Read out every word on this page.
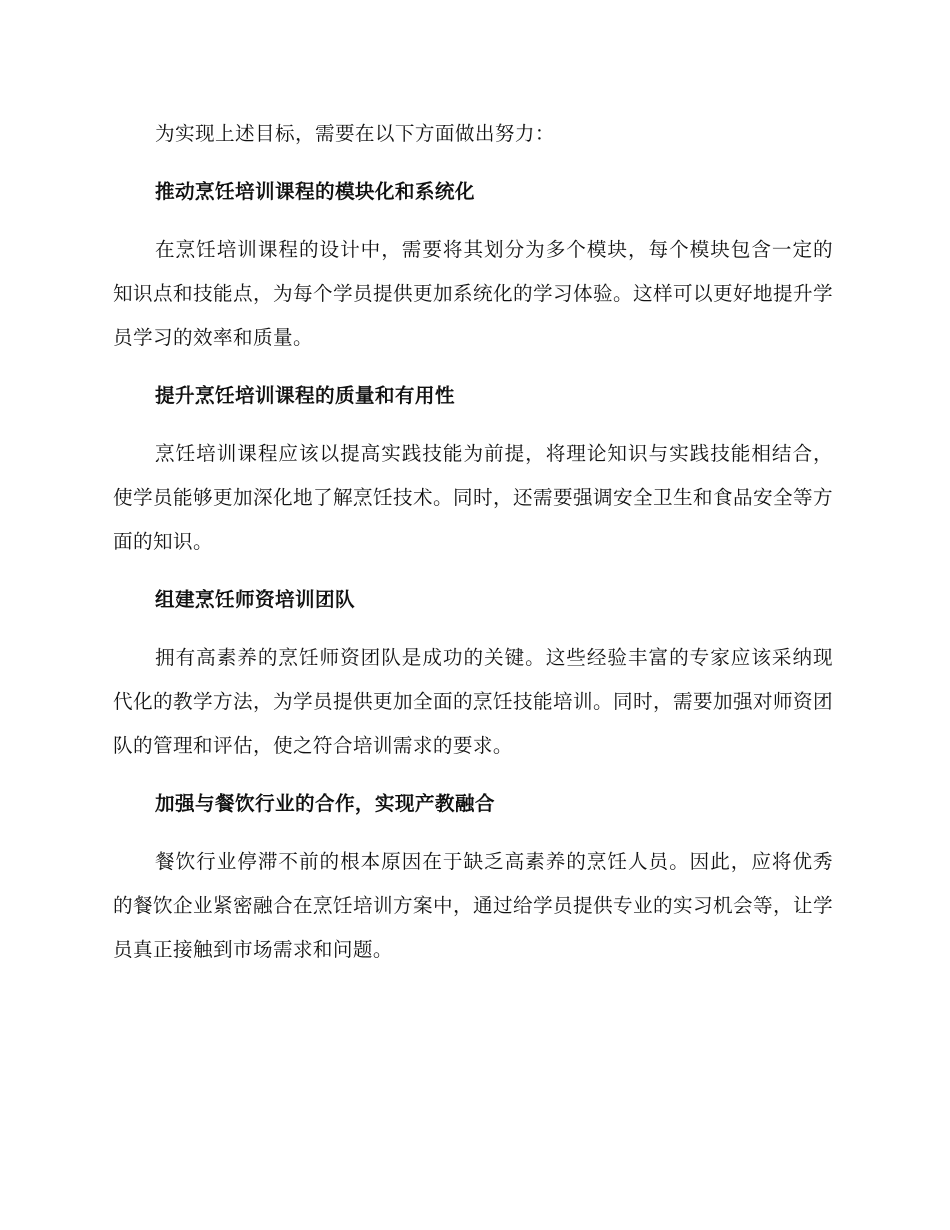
为实现上述目标，需要在以下方面做出努力：

推动烹饪培训课程的模块化和系统化

在烹饪培训课程的设计中，需要将其划分为多个模块，每个模块包含一定的知识点和技能点，为每个学员提供更加系统化的学习体验。这样可以更好地提升学员学习的效率和质量。

提升烹饪培训课程的质量和有用性

烹饪培训课程应该以提高实践技能为前提，将理论知识与实践技能相结合，使学员能够更加深化地了解烹饪技术。同时，还需要强调安全卫生和食品安全等方面的知识。

组建烹饪师资培训团队

拥有高素养的烹饪师资团队是成功的关键。这些经验丰富的专家应该采纳现代化的教学方法，为学员提供更加全面的烹饪技能培训。同时，需要加强对师资团队的管理和评估，使之符合培训需求的要求。

加强与餐饮行业的合作，实现产教融合

餐饮行业停滞不前的根本原因在于缺乏高素养的烹饪人员。因此，应将优秀的餐饮企业紧密融合在烹饪培训方案中，通过给学员提供专业的实习机会等，让学员真正接触到市场需求和问题。
